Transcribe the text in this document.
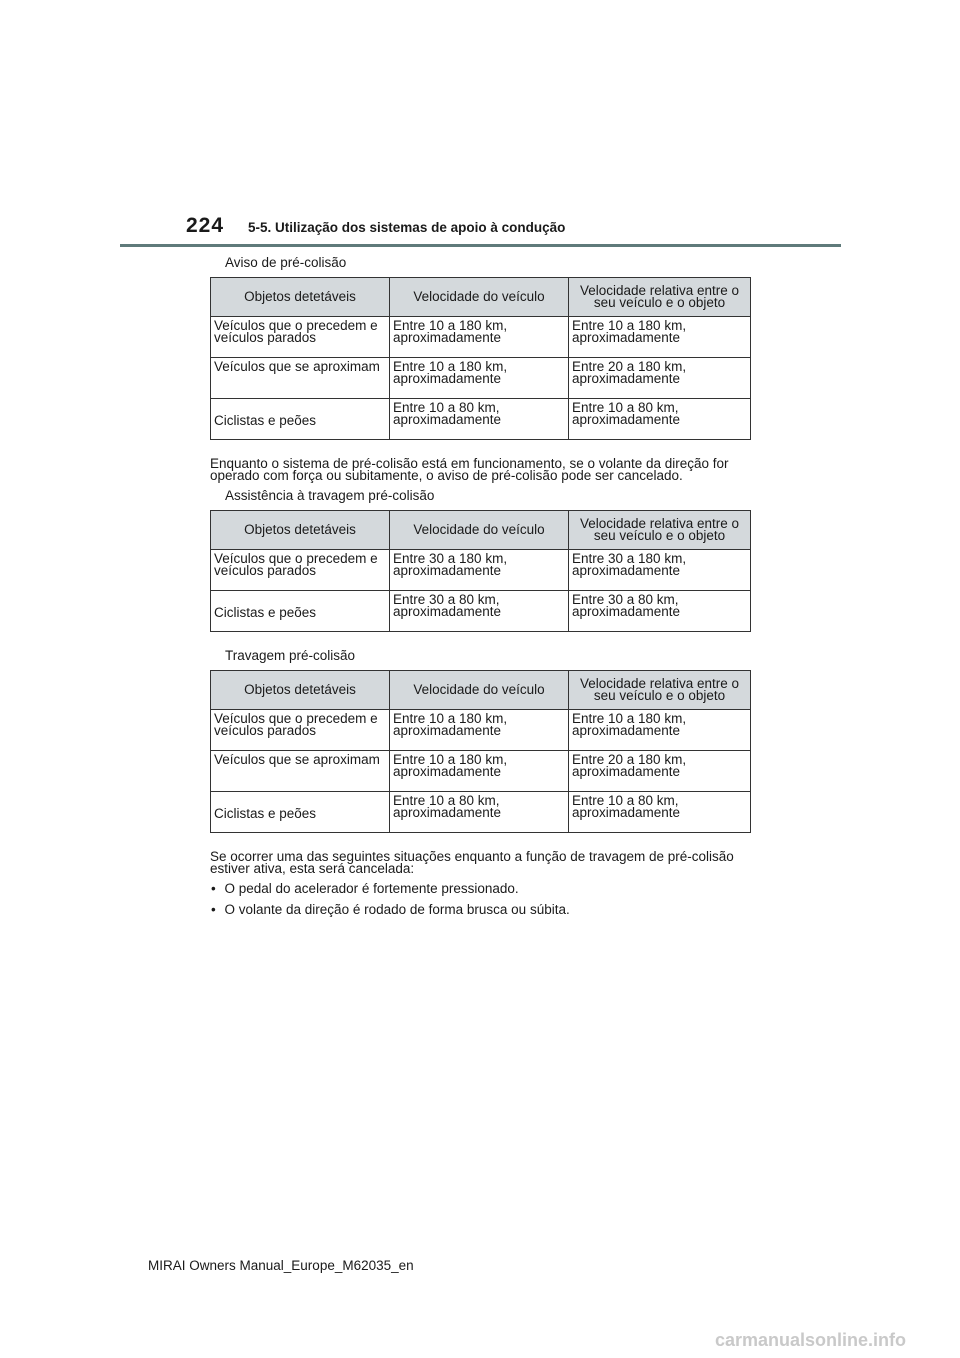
224 5-5. Utilização dos sistemas de apoio à condução
Aviso de pré-colisão
Objetos detetáveis	Velocidade do veículo	Velocidade relativa entre o seu veículo e o objeto
Veículos que o precedem e veículos parados	Entre 10 a 180 km, aproximadamente	Entre 10 a 180 km, aproximadamente
Veículos que se aproximam	Entre 10 a 180 km, aproximadamente	Entre 20 a 180 km, aproximadamente
Ciclistas e peões	Entre 10 a 80 km, aproximadamente	Entre 10 a 80 km, aproximadamente
Enquanto o sistema de pré-colisão está em funcionamento, se o volante da direção for operado com força ou subitamente, o aviso de pré-colisão pode ser cancelado.
Assistência à travagem pré-colisão
Objetos detetáveis	Velocidade do veículo	Velocidade relativa entre o seu veículo e o objeto
Veículos que o precedem e veículos parados	Entre 30 a 180 km, aproximadamente	Entre 30 a 180 km, aproximadamente
Ciclistas e peões	Entre 30 a 80 km, aproximadamente	Entre 30 a 80 km, aproximadamente
Travagem pré-colisão
Objetos detetáveis	Velocidade do veículo	Velocidade relativa entre o seu veículo e o objeto
Veículos que o precedem e veículos parados	Entre 10 a 180 km, aproximadamente	Entre 10 a 180 km, aproximadamente
Veículos que se aproximam	Entre 10 a 180 km, aproximadamente	Entre 20 a 180 km, aproximadamente
Ciclistas e peões	Entre 10 a 80 km, aproximadamente	Entre 10 a 80 km, aproximadamente
Se ocorrer uma das seguintes situações enquanto a função de travagem de pré-colisão estiver ativa, esta será cancelada:
• O pedal do acelerador é fortemente pressionado.
• O volante da direção é rodado de forma brusca ou súbita.
MIRAI Owners Manual_Europe_M62035_en
carmanualsonline.info
